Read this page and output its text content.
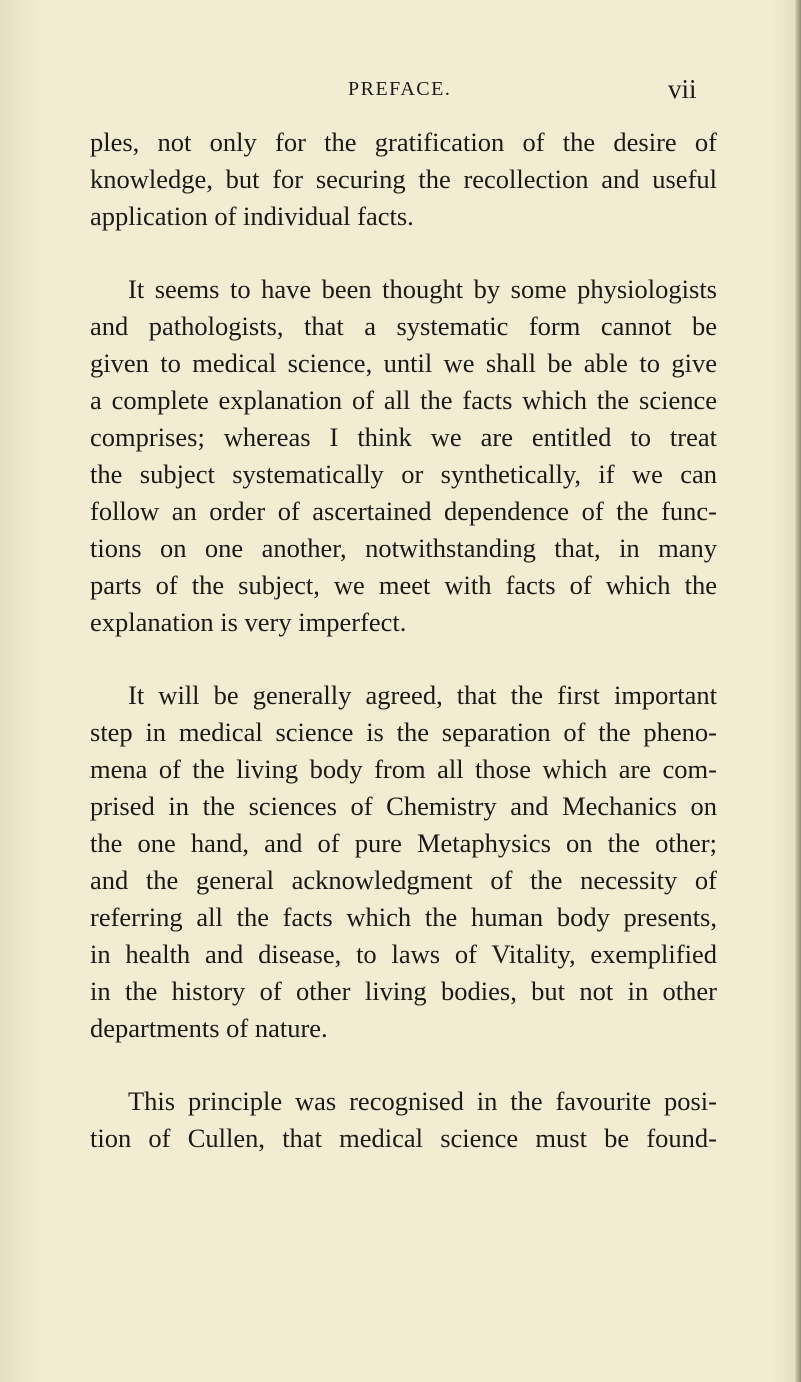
PREFACE.	vii
ples, not only for the gratification of the desire of
knowledge, but for securing the recollection and useful
application of individual facts.
It seems to have been thought by some physiologists
and pathologists, that a systematic form cannot be
given to medical science, until we shall be able to give
a complete explanation of all the facts which the science
comprises; whereas I think we are entitled to treat
the subject systematically or synthetically, if we can
follow an order of ascertained dependence of the func-
tions on one another, notwithstanding that, in many
parts of the subject, we meet with facts of which the
explanation is very imperfect.
It will be generally agreed, that the first important
step in medical science is the separation of the pheno-
mena of the living body from all those which are com-
prised in the sciences of Chemistry and Mechanics on
the one hand, and of pure Metaphysics on the other;
and the general acknowledgment of the necessity of
referring all the facts which the human body presents,
in health and disease, to laws of Vitality, exemplified
in the history of other living bodies, but not in other
departments of nature.
This principle was recognised in the favourite posi-
tion of Cullen, that medical science must be found-
